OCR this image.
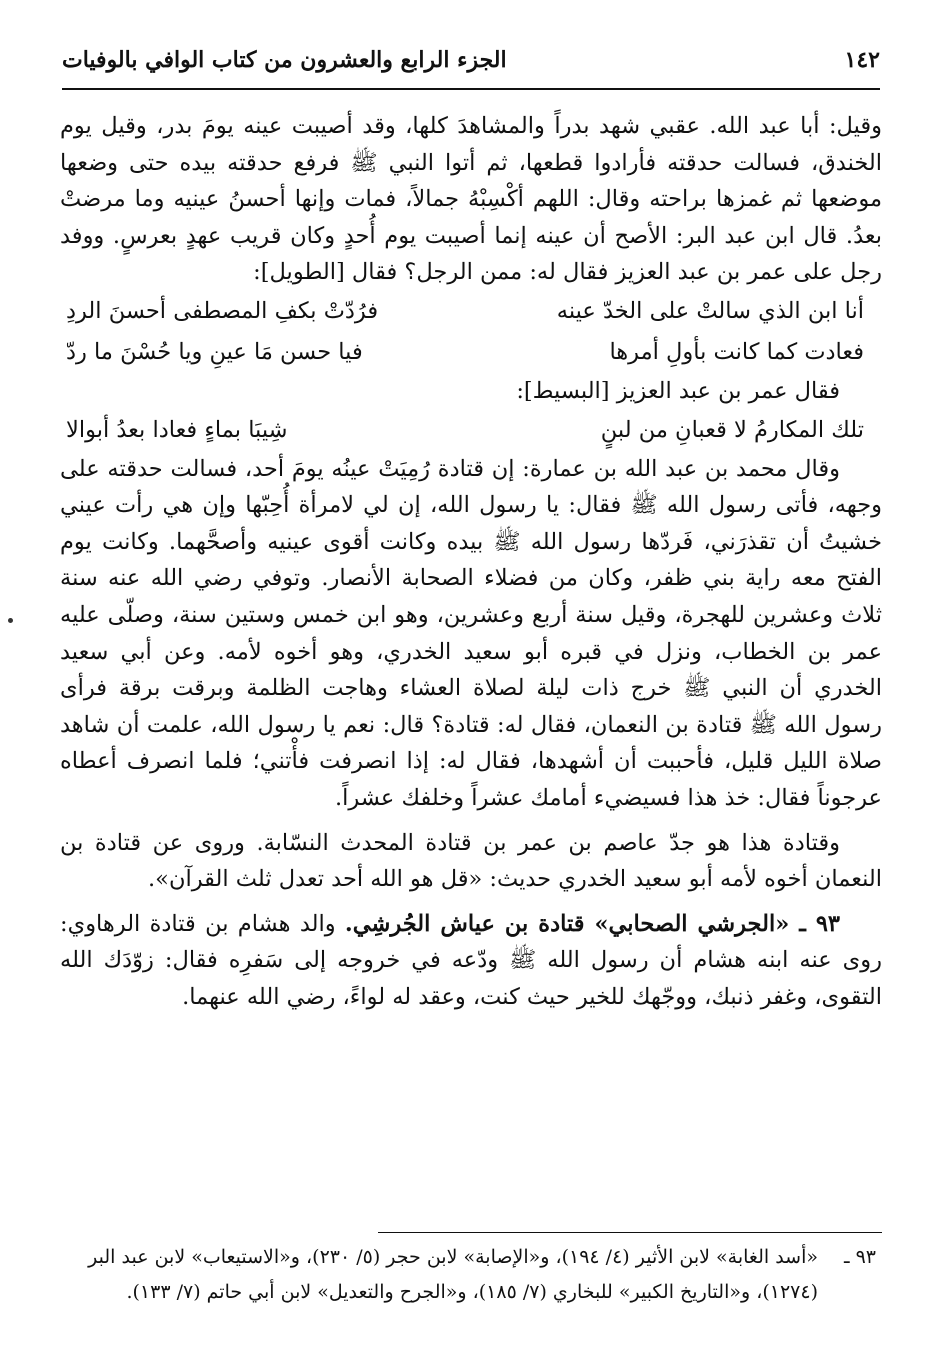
١٤٢
الجزء الرابع والعشرون من كتاب الوافي بالوفيات

وقيل: أبا عبد الله. عقبي شهد بدراً والمشاهدَ كلها، وقد أصيبت عينه يومَ بدر، وقيل يوم الخندق، فسالت حدقته فأرادوا قطعها، ثم أتوا النبي ﷺ فرفع حدقته بيده حتى وضعها موضعها ثم غمزها براحته وقال: اللهم أكْسِبْهُ جمالاً، فمات وإنها أحسنُ عينيه وما مرضتْ بعدُ. قال ابن عبد البر: الأصح أن عينه إنما أصيبت يوم أُحدٍ وكان قريب عهدٍ بعرسٍ. ووفد رجل على عمر بن عبد العزيز فقال له: ممن الرجل؟ فقال [الطويل]:

أنا ابن الذي سالتْ على الخدّ عينه
فرُدّتْ بكفِ المصطفى أحسنَ الردِ
فعادت كما كانت بأولِ أمرها
فيا حسن مَا عينِ ويا حُسْنَ ما ردّ

فقال عمر بن عبد العزيز [البسيط]:

تلك المكارمُ لا قعبانِ من لبنٍ
شِيبَا بماءٍ فعادا بعدُ أبوالا

وقال محمد بن عبد الله بن عمارة: إن قتادة رُمِيَتْ عينُه يومَ أحد، فسالت حدقته على وجهه، فأتى رسول الله ﷺ فقال: يا رسول الله، إن لي لامرأة أُحِبّها وإن هي رأت عيني خشيتُ أن تقذرَني، فَردّها رسول الله ﷺ بيده وكانت أقوى عينيه وأصحَّهما. وكانت يوم الفتح معه راية بني ظفر، وكان من فضلاء الصحابة الأنصار. وتوفي رضي الله عنه سنة ثلاث وعشرين للهجرة، وقيل سنة أربع وعشرين، وهو ابن خمس وستين سنة، وصلّى عليه عمر بن الخطاب، ونزل في قبره أبو سعيد الخدري، وهو أخوه لأمه. وعن أبي سعيد الخدري أن النبي ﷺ خرج ذات ليلة لصلاة العشاء وهاجت الظلمة وبرقت برقة فرأى رسول الله ﷺ قتادة بن النعمان، فقال له: قتادة؟ قال: نعم يا رسول الله، علمت أن شاهد صلاة الليل قليل، فأحببت أن أشهدها، فقال له: إذا انصرفت فأْتني؛ فلما انصرف أعطاه عرجوناً فقال: خذ هذا فسيضيء أمامك عشراً وخلفك عشراً.

وقتادة هذا هو جدّ عاصم بن عمر بن قتادة المحدث النسّابة. وروى عن قتادة بن النعمان أخوه لأمه أبو سعيد الخدري حديث: «قل هو الله أحد تعدل ثلث القرآن».

٩٣ ـ «الجرشي الصحابي» قتادة بن عياش الجُرشِي. والد هشام بن قتادة الرهاوي: روى عنه ابنه هشام أن رسول الله ﷺ ودّعه في خروجه إلى سَفرِه فقال: زوّدَك الله التقوى، وغفر ذنبك، ووجّهك للخير حيث كنت، وعقد له لواءً، رضي الله عنهما.

٩٣ ـ«أسد الغابة» لابن الأثير (٤/ ١٩٤)، و«الإصابة» لابن حجر (٥/ ٢٣٠)، و«الاستيعاب» لابن عبد البر

(١٢٧٤)، و«التاريخ الكبير» للبخاري (٧/ ١٨٥)، و«الجرح والتعديل» لابن أبي حاتم (٧/ ١٣٣).
